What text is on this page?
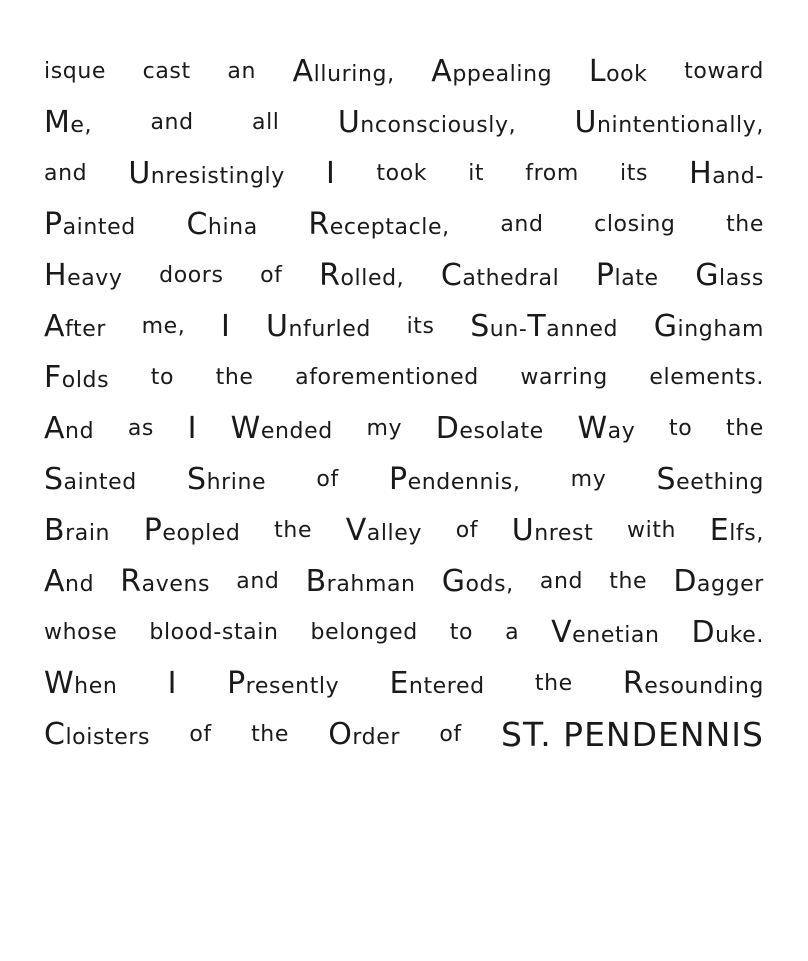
isque cast an Alluring, Appealing Look toward
Me,	and	all Unconsciously, Unintentionally,
and Unresistingly I took it from its Hand-
Painted China Receptacle, and closing the
Heavy doors of Rolled, Cathedral Plate Glass
After me, I Unfurled its Sun-Tanned Gingham
Folds to the aforementioned warring elements.
And as I Wended my Desolate Way to the
Sainted Shrine of Pendennis, my Seething
Brain Peopled the Valley of Unrest with Elfs,
And Ravens and Brahman Gods, and the Dagger
whose blood-stain belonged to a Venetian Duke.
When I Presently Entered the Resounding
Cloisters of the Order of ST. PENDENNIS
